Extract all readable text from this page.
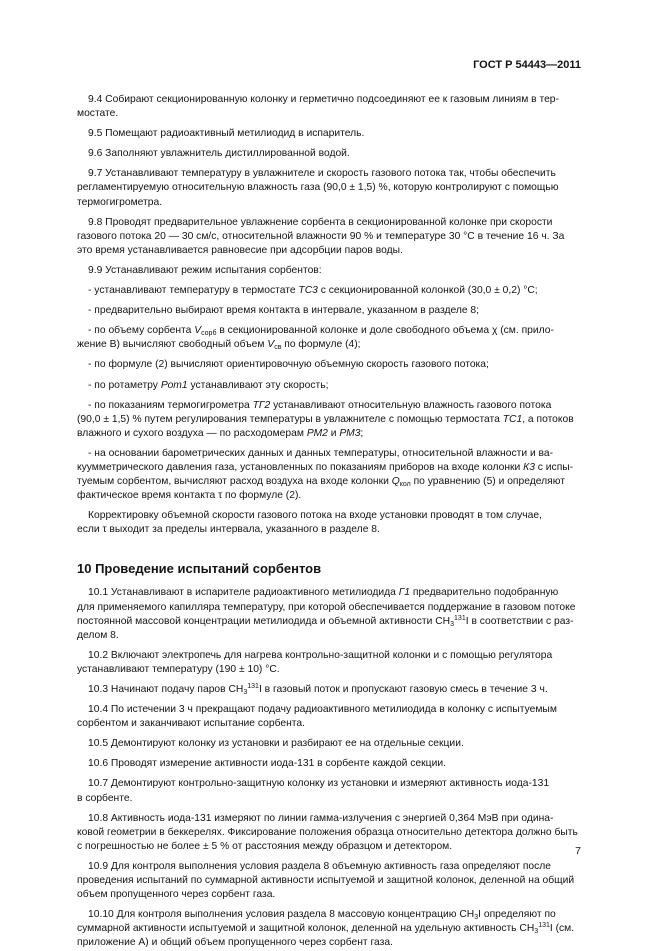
ГОСТ Р 54443—2011
9.4 Собирают секционированную колонку и герметично подсоединяют ее к газовым линиям в тер-
мостате.
9.5 Помещают радиоактивный метилиодид в испаритель.
9.6 Заполняют увлажнитель дистиллированной водой.
9.7 Устанавливают температуру в увлажнителе и скорость газового потока так, чтобы обеспечить
регламентируемую относительную влажность газа (90,0 ± 1,5) %, которую контролируют с помощью
термогигрометра.
9.8 Проводят предварительное увлажнение сорбента в секционированной колонке при скорости
газового потока 20 — 30 см/с, относительной влажности 90 % и температуре 30 °С в течение 16 ч. За
это время устанавливается равновесие при адсорбции паров воды.
9.9 Устанавливают режим испытания сорбентов:
- устанавливают температуру в термостате ТС3 с секционированной колонкой (30,0 ± 0,2) °С;
- предварительно выбирают время контакта в интервале, указанном в разделе 8;
- по объему сорбента $V_{сорб}$ в секционированной колонке и доле свободного объема χ (см. прило-
жение В) вычисляют свободный объем $V_{св}$ по формуле (4);
- по формуле (2) вычисляют ориентировочную объемную скорость газового потока;
- по ротаметру Рот1 устанавливают эту скорость;
- по показаниям термогигрометра ТГ2 устанавливают относительную влажность газового потока
(90,0 ± 1,5) % путем регулирования температуры в увлажнителе с помощью термостата ТС1, а потоков
влажного и сухого воздуха — по расходомерам РМ2 и РМ3;
- на основании барометрических данных и данных температуры, относительной влажности и ва-
куумметрического давления газа, установленных по показаниям приборов на входе колонки К3 с испы-
туемым сорбентом, вычисляют расход воздуха на входе колонки $Q_{кол}$ по уравнению (5) и определяют
фактическое время контакта τ по формуле (2).
Корректировку объемной скорости газового потока на входе установки проводят в том случае,
если τ выходит за пределы интервала, указанного в разделе 8.
10 Проведение испытаний сорбентов
10.1 Устанавливают в испарителе радиоактивного метилиодида Г1 предварительно подобранную
для применяемого капилляра температуру, при которой обеспечивается поддержание в газовом потоке
постоянной массовой концентрации метилиодида и объемной активности $CH_3^{131}I$ в соответствии с раз-
делом 8.
10.2 Включают электропечь для нагрева контрольно-защитной колонки и с помощью регулятора
устанавливают температуру (190 ± 10) °С.
10.3 Начинают подачу паров $CH_3^{131}I$ в газовый поток и пропускают газовую смесь в течение 3 ч.
10.4 По истечении 3 ч прекращают подачу радиоактивного метилиодида в колонку с испытуемым
сорбентом и заканчивают испытание сорбента.
10.5 Демонтируют колонку из установки и разбирают ее на отдельные секции.
10.6 Проводят измерение активности иода-131 в сорбенте каждой секции.
10.7 Демонтируют контрольно-защитную колонку из установки и измеряют активность иода-131
в сорбенте.
10.8 Активность иода-131 измеряют по линии гамма-излучения с энергией 0,364 МэВ при одина-
ковой геометрии в беккерелях. Фиксирование положения образца относительно детектора должно быть
с погрешностью не более ± 5 % от расстояния между образцом и детектором.
10.9 Для контроля выполнения условия раздела 8 объемную активность газа определяют после
проведения испытаний по суммарной активности испытуемой и защитной колонок, деленной на общий
объем пропущенного через сорбент газа.
10.10 Для контроля выполнения условия раздела 8 массовую концентрацию $CH_3I$ определяют по
суммарной активности испытуемой и защитной колонок, деленной на удельную активность $CH_3^{131}I$ (см.
приложение А) и общий объем пропущенного через сорбент газа.
7
